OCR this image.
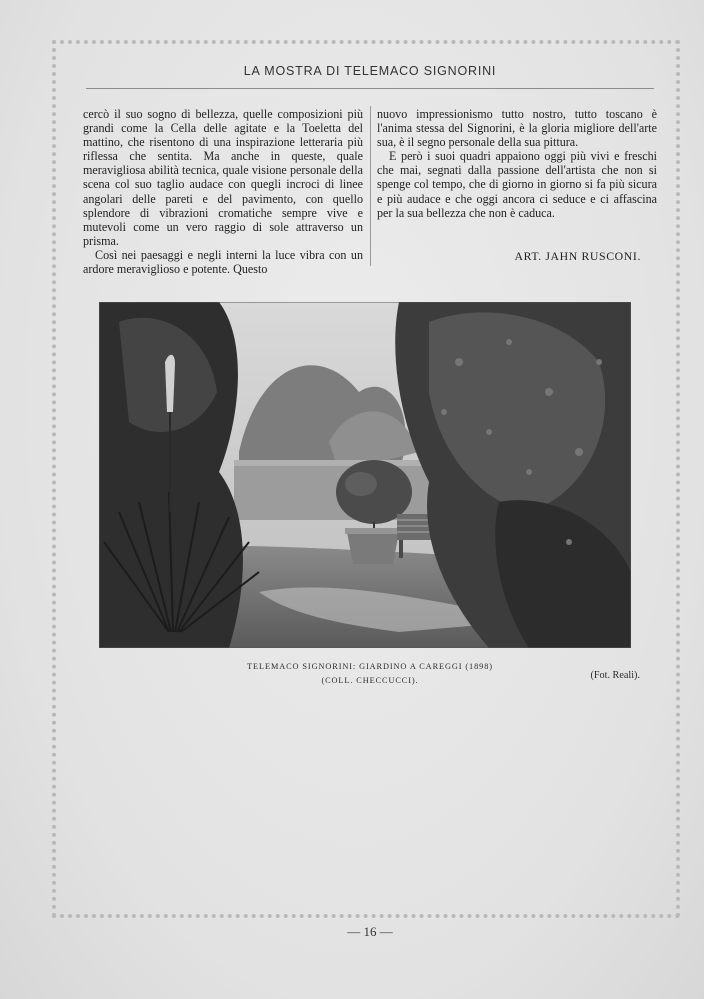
LA MOSTRA DI TELEMACO SIGNORINI

cercò il suo sogno di bellezza, quelle composizioni più grandi come la Cella delle agitate e la Toeletta del mattino, che risentono di una inspirazione letteraria più riflessa che sentita. Ma anche in queste, quale meravigliosa abilità tecnica, quale visione personale della scena col suo taglio audace con quegli incroci di linee angolari delle pareti e del pavimento, con quello splendore di vibrazioni cromatiche sempre vive e mutevoli come un vero raggio di sole attraverso un prisma.

Così nei paesaggi e negli interni la luce vibra con un ardore meraviglioso e potente. Questo

nuovo impressionismo tutto nostro, tutto toscano è l'anima stessa del Signorini, è la gloria migliore dell'arte sua, è il segno personale della sua pittura.

E però i suoi quadri appaiono oggi più vivi e freschi che mai, segnati dalla passione dell'artista che non si spenge col tempo, che di giorno in giorno si fa più sicura e più audace e che oggi ancora ci seduce e ci affascina per la sua bellezza che non è caduca.

ART. JAHN RUSCONI.
TELEMACO SIGNORINI: GIARDINO A CAREGGI (1898)
(COLL. CHECCUCCI).	(Fot. Reali).
— 16 —
